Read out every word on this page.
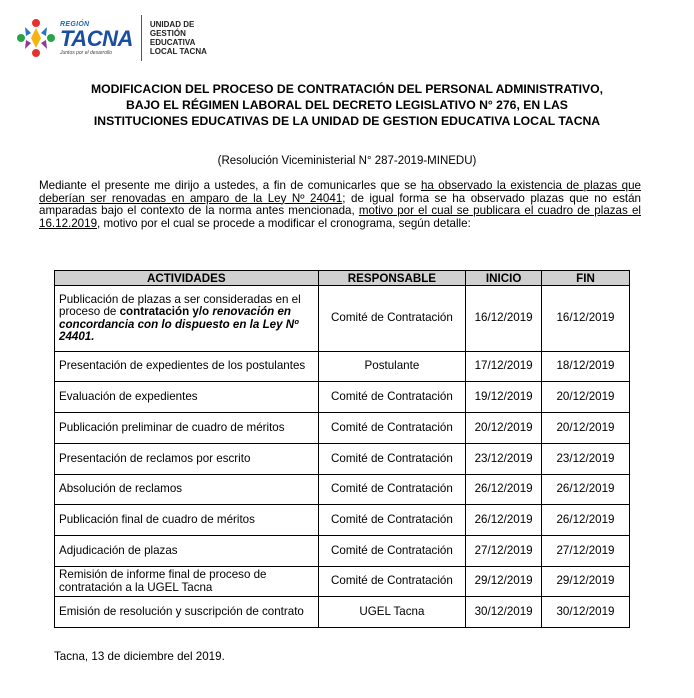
REGIÓN
TACNA
Juntos por el desarrollo
UNIDAD DE
GESTIÓN
EDUCATIVA
LOCAL TACNA
MODIFICACION DEL PROCESO DE CONTRATACIÓN DEL PERSONAL ADMINISTRATIVO,
BAJO EL RÉGIMEN LABORAL DEL DECRETO LEGISLATIVO N° 276, EN LAS
INSTITUCIONES EDUCATIVAS DE LA UNIDAD DE GESTION EDUCATIVA LOCAL TACNA
(Resolución Viceministerial N° 287-2019-MINEDU)
Mediante el presente me dirijo a ustedes, a fin de comunicarles que se ha observado la existencia de plazas que deberían ser renovadas en amparo de la Ley Nº 24041; de igual forma se ha observado plazas que no están amparadas bajo el contexto de la norma antes mencionada, motivo por el cual se publicara el cuadro de plazas el 16.12.2019, motivo por el cual se procede a modificar el cronograma, según detalle:
ACTIVIDADES	RESPONSABLE	INICIO	FIN
Publicación de plazas a ser consideradas en el proceso de contratación y/o renovación en concordancia con lo dispuesto en la Ley Nº 24401.	Comité de Contratación	16/12/2019	16/12/2019
Presentación de expedientes de los postulantes	Postulante	17/12/2019	18/12/2019
Evaluación de expedientes	Comité de Contratación	19/12/2019	20/12/2019
Publicación preliminar de cuadro de méritos	Comité de Contratación	20/12/2019	20/12/2019
Presentación de reclamos por escrito	Comité de Contratación	23/12/2019	23/12/2019
Absolución de reclamos	Comité de Contratación	26/12/2019	26/12/2019
Publicación final de cuadro de méritos	Comité de Contratación	26/12/2019	26/12/2019
Adjudicación de plazas	Comité de Contratación	27/12/2019	27/12/2019
Remisión de informe final de proceso de contratación a la UGEL Tacna	Comité de Contratación	29/12/2019	29/12/2019
Emisión de resolución y suscripción de contrato	UGEL Tacna	30/12/2019	30/12/2019
Tacna, 13 de diciembre del 2019.
